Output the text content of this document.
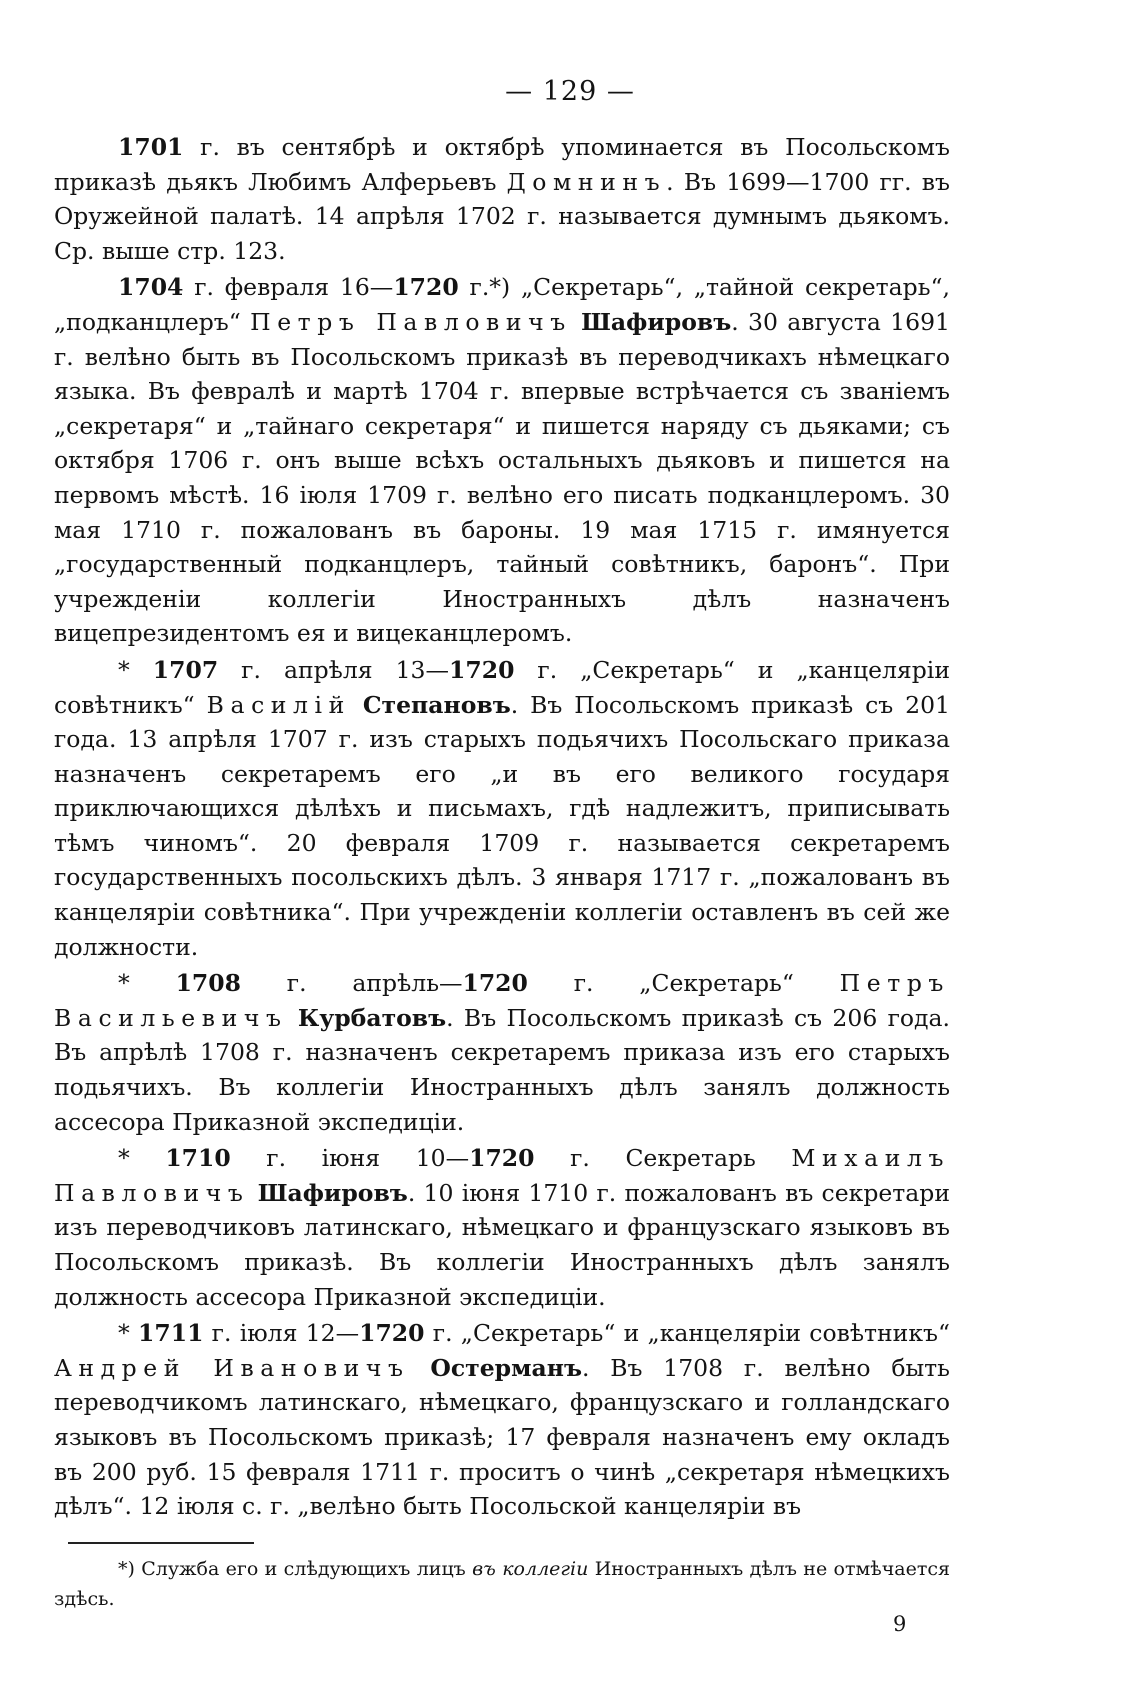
— 129 —

1701 г. въ сентябрѣ и октябрѣ упоминается въ Посольскомъ приказѣ дьякъ Любимъ Алферьевъ Домнинъ. Въ 1699—1700 гг. въ Оружейной палатѣ. 14 апрѣля 1702 г. называется думнымъ дьякомъ. Ср. выше стр. 123.

1704 г. февраля 16—1720 г.*) „Секретарь“, „тайной секретарь“, „подканцлеръ“ Петръ Павловичъ Шафировъ. 30 августа 1691 г. велѣно быть въ Посольскомъ приказѣ въ переводчикахъ нѣмецкаго языка. Въ февралѣ и мартѣ 1704 г. впервые встрѣчается съ званіемъ „секретаря“ и „тайнаго секретаря“ и пишется наряду съ дьяками; съ октября 1706 г. онъ выше всѣхъ остальныхъ дьяковъ и пишется на первомъ мѣстѣ. 16 іюля 1709 г. велѣно его писать подканцлеромъ. 30 мая 1710 г. пожалованъ въ бароны. 19 мая 1715 г. имянуется „государственный подканцлеръ, тайный совѣтникъ, баронъ“. При учрежденіи коллегіи Иностранныхъ дѣлъ назначенъ вицепрезидентомъ ея и вицеканцлеромъ.

* 1707 г. апрѣля 13—1720 г. „Секретарь“ и „канцеляріи совѣтникъ“ Василій Степановъ. Въ Посольскомъ приказѣ съ 201 года. 13 апрѣля 1707 г. изъ старыхъ подьячихъ Посольскаго приказа назначенъ секретаремъ его „и въ его великого государя приключающихся дѣлѣхъ и письмахъ, гдѣ надлежитъ, приписывать тѣмъ чиномъ“. 20 февраля 1709 г. называется секретаремъ государственныхъ посольскихъ дѣлъ. 3 января 1717 г. „пожалованъ въ канцеляріи совѣтника“. При учрежденіи коллегіи оставленъ въ сей же должности.

* 1708 г. апрѣль—1720 г. „Секретарь“ Петръ Васильевичъ Курбатовъ. Въ Посольскомъ приказѣ съ 206 года. Въ апрѣлѣ 1708 г. назначенъ секретаремъ приказа изъ его старыхъ подьячихъ. Въ коллегіи Иностранныхъ дѣлъ занялъ должность ассесора Приказной экспедиціи.

* 1710 г. іюня 10—1720 г. Секретарь Михаилъ Павловичъ Шафировъ. 10 іюня 1710 г. пожалованъ въ секретари изъ переводчиковъ латинскаго, нѣмецкаго и французскаго языковъ въ Посольскомъ приказѣ. Въ коллегіи Иностранныхъ дѣлъ занялъ должность ассесора Приказной экспедиціи.

* 1711 г. іюля 12—1720 г. „Секретарь“ и „канцеляріи совѣтникъ“ Андрей Ивановичъ Остерманъ. Въ 1708 г. велѣно быть переводчикомъ латинскаго, нѣмецкаго, французскаго и голландскаго языковъ въ Посольскомъ приказѣ; 17 февраля назначенъ ему окладъ въ 200 руб. 15 февраля 1711 г. проситъ о чинѣ „секретаря нѣмецкихъ дѣлъ“. 12 іюля с. г. „велѣно быть Посольской канцеляріи въ

*) Служба его и слѣдующихъ лицъ въ коллегіи Иностранныхъ дѣлъ не отмѣчается здѣсь.
9
